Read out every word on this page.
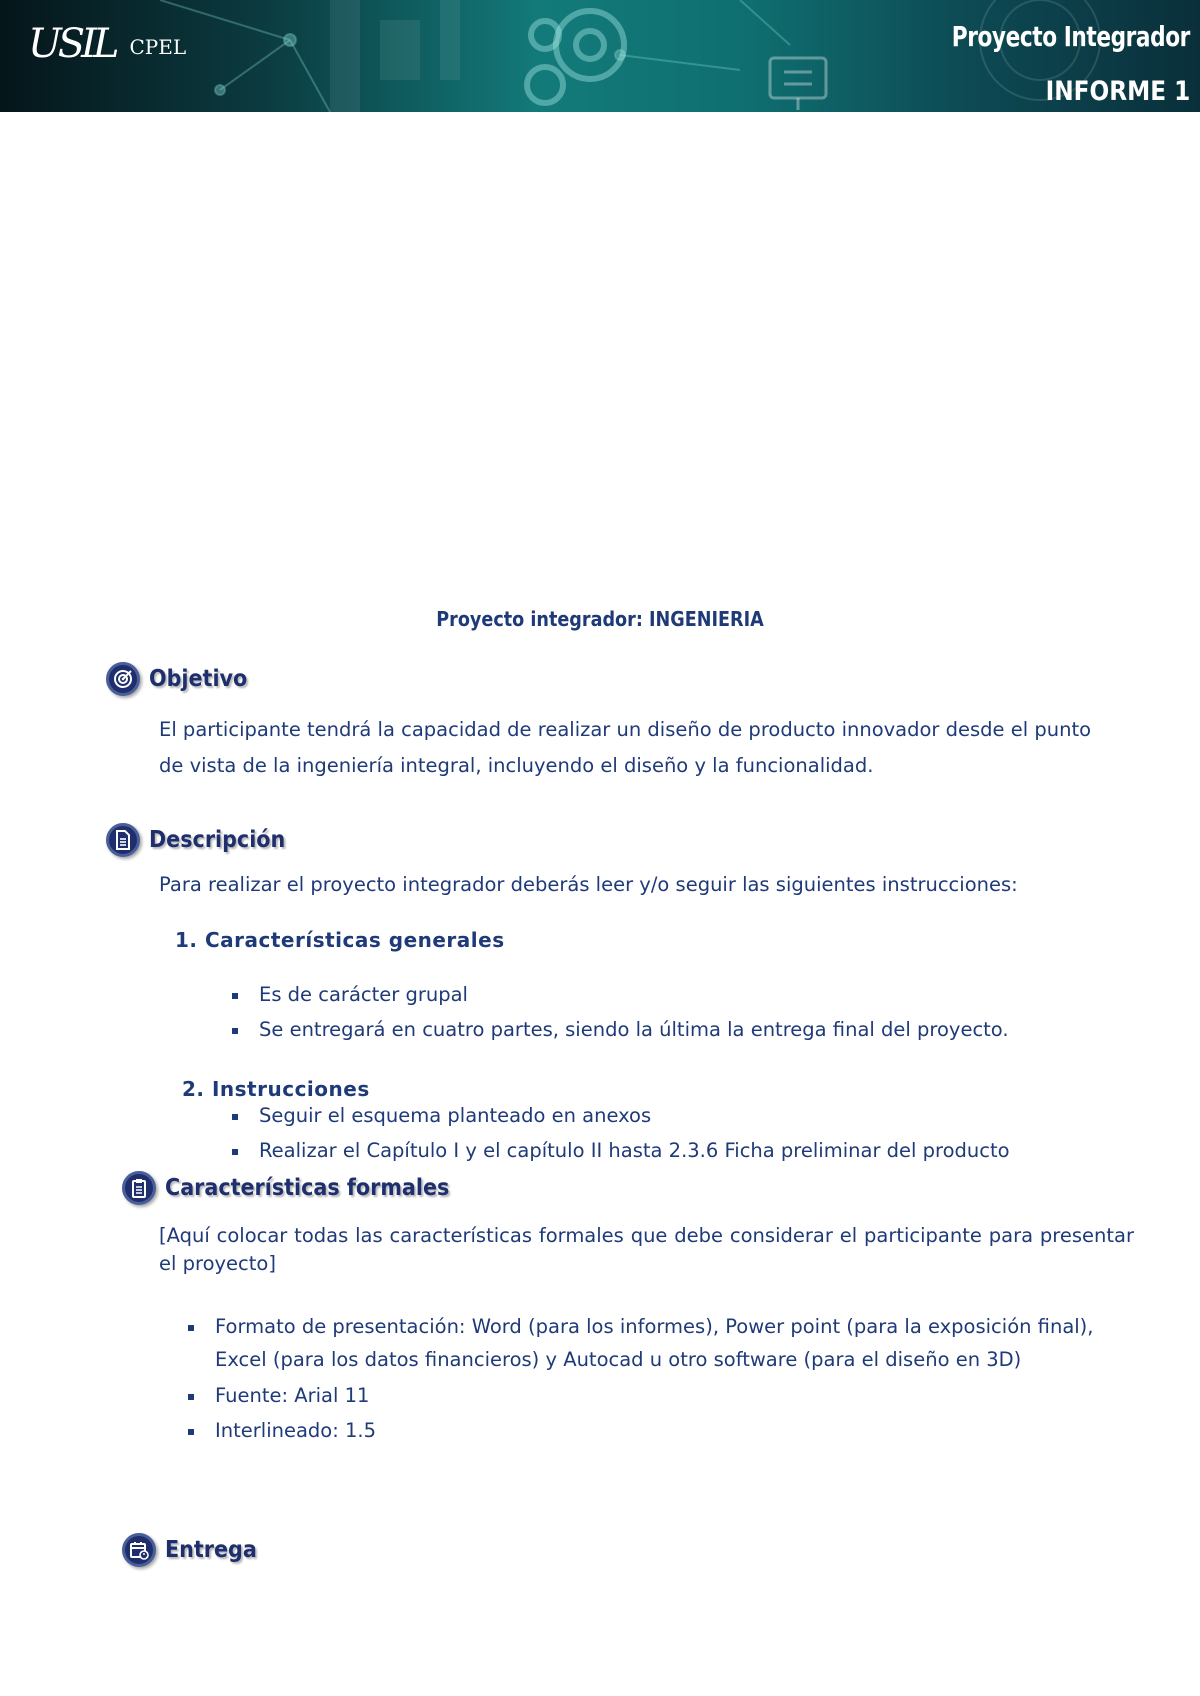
USIL CPEL	Proyecto Integrador
INFORME 1
Proyecto integrador: INGENIERIA
Objetivo
El participante tendrá la capacidad de realizar un diseño de producto innovador desde el punto
de vista de la ingeniería integral, incluyendo el diseño y la funcionalidad.
Descripción
Para realizar el proyecto integrador deberás leer y/o seguir las siguientes instrucciones:
1. Características generales
Es de carácter grupal
Se entregará en cuatro partes, siendo la última la entrega final del proyecto.
2. Instrucciones
Seguir el esquema planteado en anexos
Realizar el Capítulo I y el capítulo II hasta 2.3.6 Ficha preliminar del producto
Características formales
[Aquí colocar todas las características formales que debe considerar el participante para presentar el proyecto]
Formato de presentación: Word (para los informes), Power point (para la exposición final),
Excel (para los datos financieros) y Autocad u otro software (para el diseño en 3D)
Fuente: Arial 11
Interlineado: 1.5
Entrega
